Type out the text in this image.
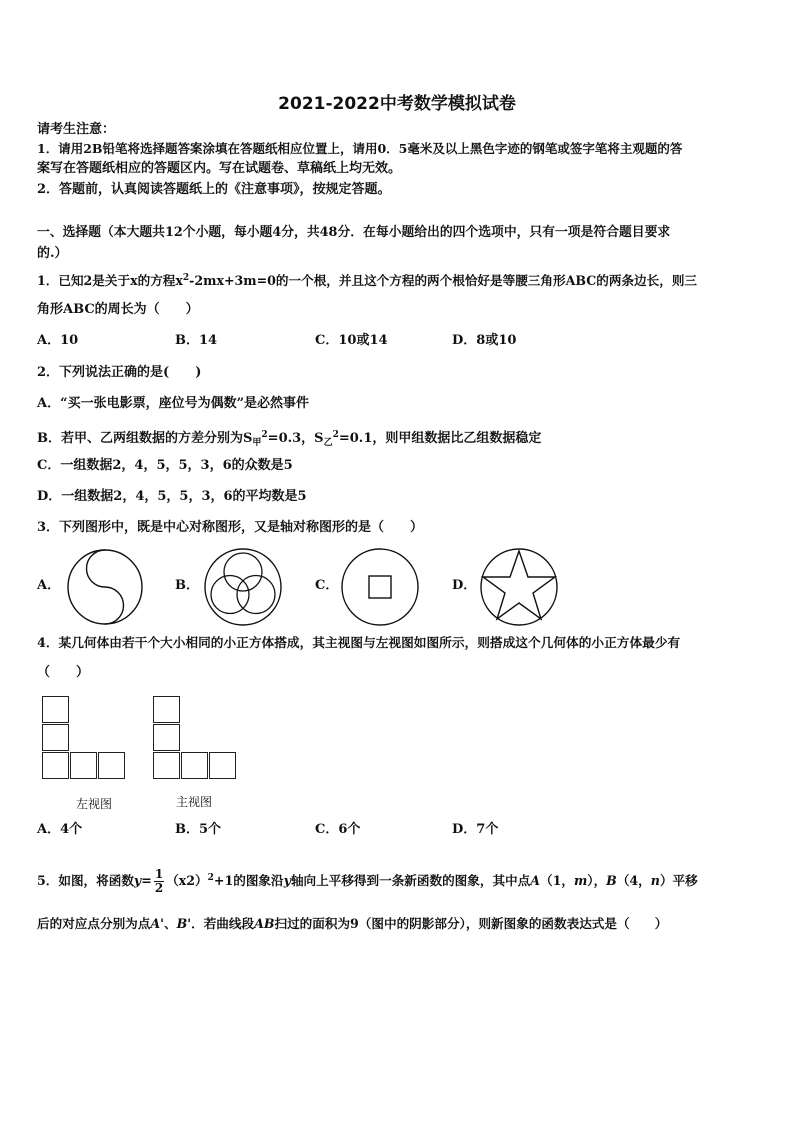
2021-2022中考数学模拟试卷
请考生注意：
1．请用2B铅笔将选择题答案涂填在答题纸相应位置上，请用0．5毫米及以上黑色字迹的钢笔或签字笔将主观题的答
案写在答题纸相应的答题区内。写在试题卷、草稿纸上均无效。
2．答题前，认真阅读答题纸上的《注意事项》，按规定答题。
一、选择题（本大题共12个小题，每小题4分，共48分．在每小题给出的四个选项中，只有一项是符合题目要求
的.）
1．已知2是关于x的方程$x^2-2mx+3m=0$的一个根，并且这个方程的两个根恰好是等腰三角形ABC的两条边长，则三
角形ABC的周长为（　　）
A．10	B．14	C．10或14	D．8或10
2．下列说法正确的是(　　)
A．“买一张电影票，座位号为偶数”是必然事件
B．若甲、乙两组数据的方差分别为$S_甲^2=0.3$，$S_乙^2=0.1$，则甲组数据比乙组数据稳定
C．一组数据2，4，5，5，3，6的众数是5
D．一组数据2，4，5，5，3，6的平均数是5
3．下列图形中，既是中心对称图形，又是轴对称图形的是（　　）
A．	B．	C．	D．
4．某几何体由若干个大小相同的小正方体搭成，其主视图与左视图如图所示，则搭成这个几何体的小正方体最少有
（　　）
左视图	主视图
A．4个	B．5个	C．6个	D．7个
5．如图，将函数$y= \frac{1}{2} (x2)^2+1$的图象沿y轴向上平移得到一条新函数的图象，其中点A（1，m），B（4，n）平移
后的对应点分别为点A'、B'．若曲线段AB扫过的面积为9（图中的阴影部分），则新图象的函数表达式是（　　）
